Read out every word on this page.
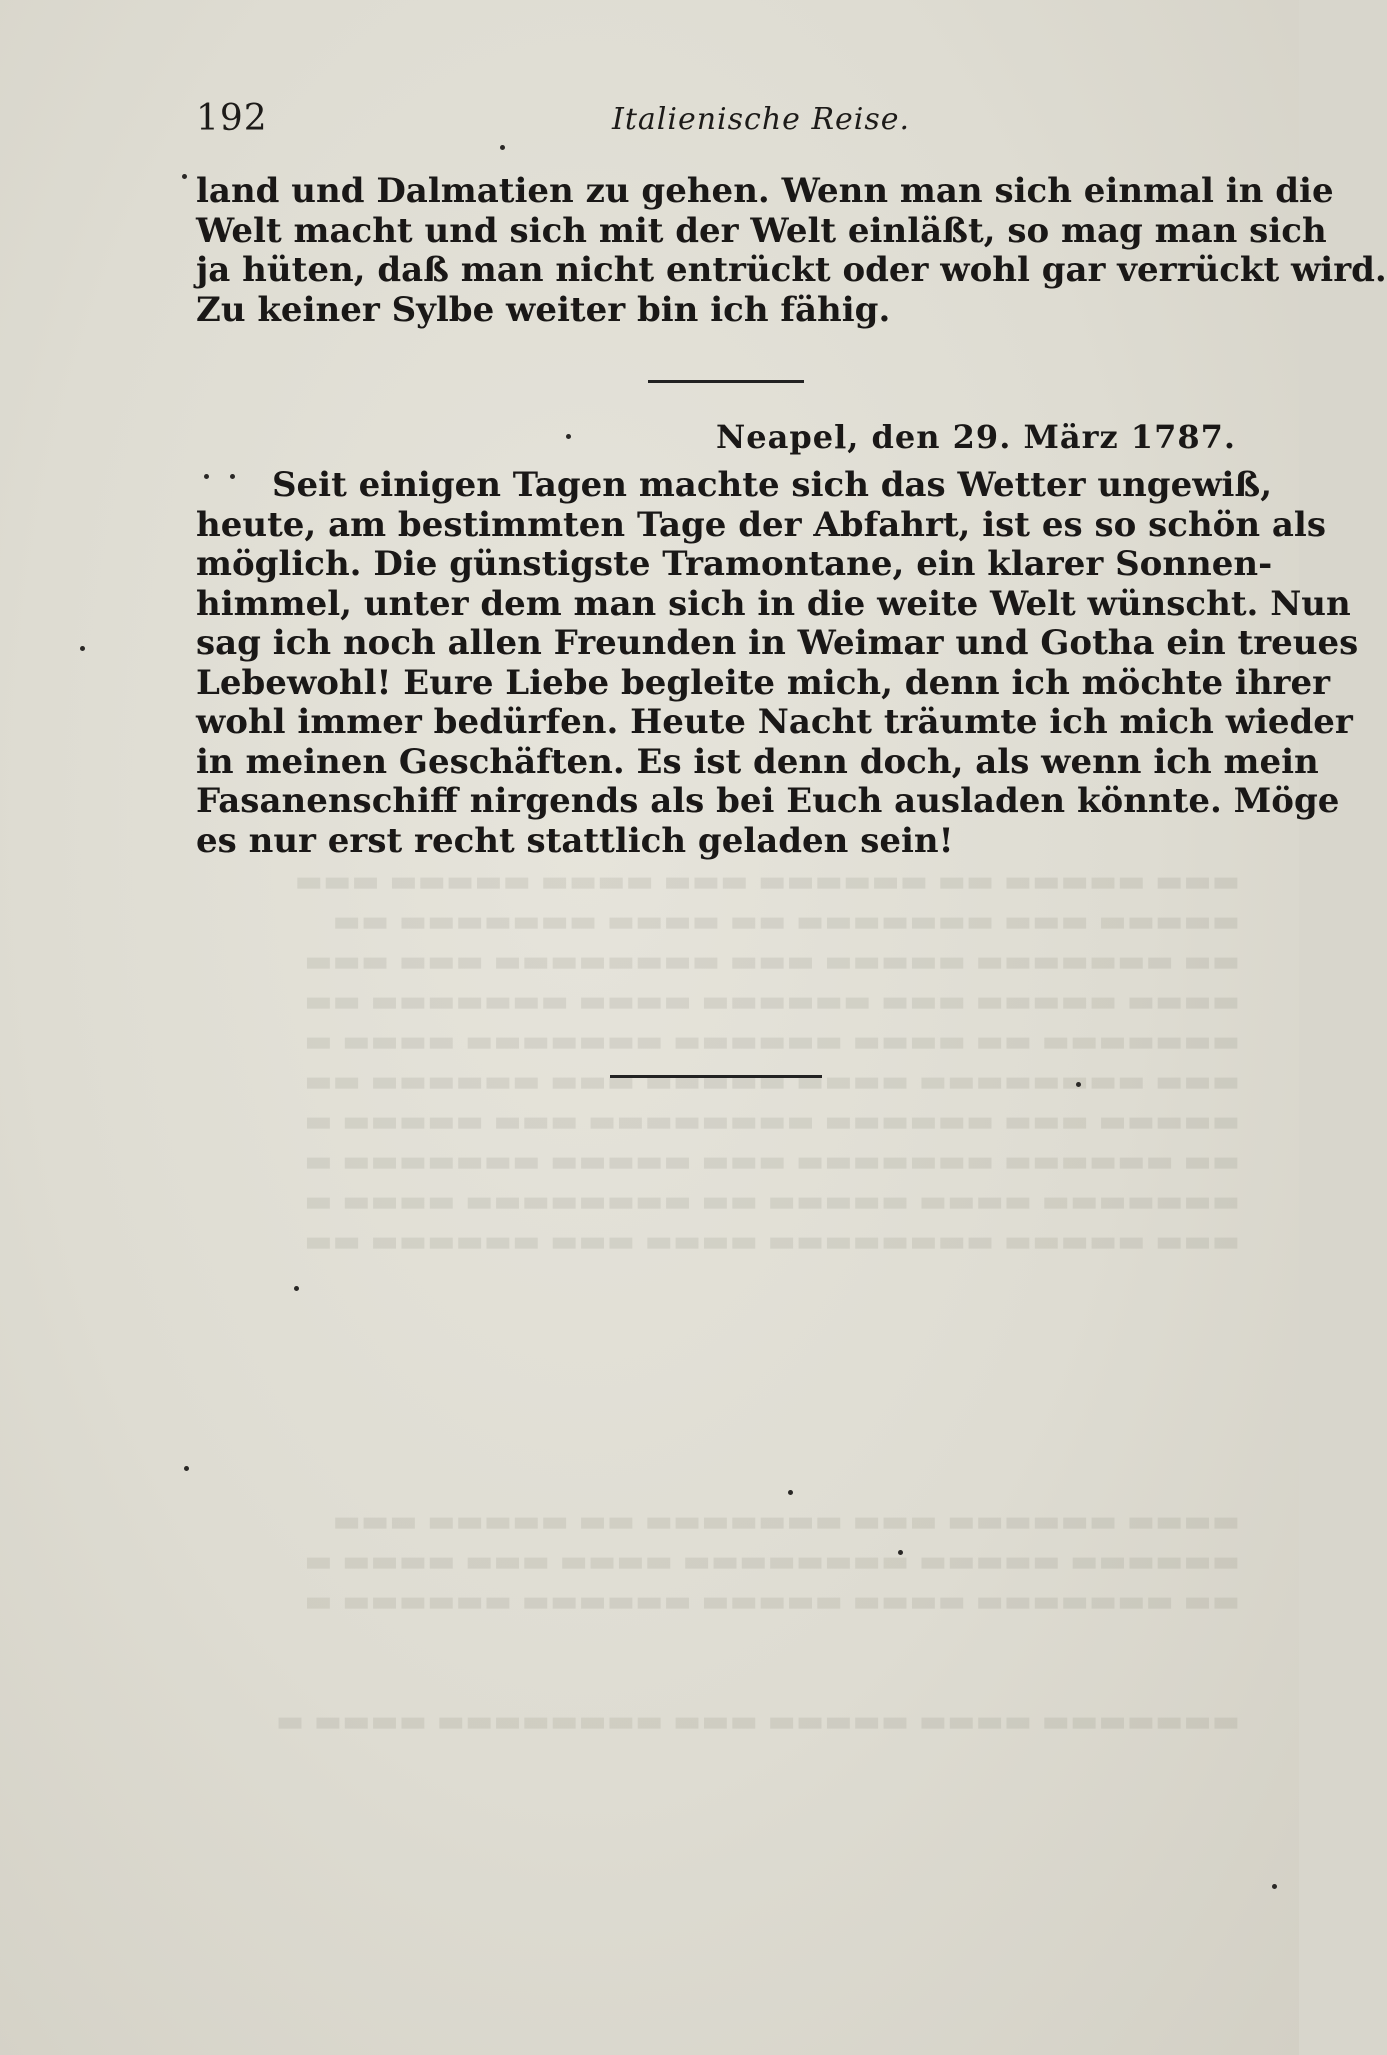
▬▬▬ ▬▬▬▬▬ ▬▬ ▬▬▬▬▬▬ ▬▬▬ ▬▬▬▬ ▬▬▬▬▬ ▬▬▬
▬▬▬▬▬ ▬▬▬ ▬▬▬▬▬▬▬ ▬▬ ▬▬▬▬ ▬▬▬▬▬▬▬ ▬▬
▬▬ ▬▬▬▬▬▬▬ ▬▬▬▬▬ ▬▬▬ ▬▬▬▬▬▬▬▬ ▬▬▬ ▬▬▬
▬▬▬▬ ▬▬▬▬▬ ▬▬▬ ▬▬▬▬▬▬ ▬▬▬▬ ▬▬▬▬▬▬▬ ▬▬
▬▬▬▬▬▬▬ ▬▬ ▬▬▬▬ ▬▬▬▬▬▬ ▬▬▬▬▬▬▬ ▬▬▬▬ ▬
▬▬▬ ▬▬▬▬▬▬▬▬ ▬▬▬▬ ▬▬▬▬▬ ▬▬▬ ▬▬▬▬▬▬ ▬▬
▬▬▬▬▬ ▬▬▬ ▬▬▬▬▬▬ ▬▬▬▬▬▬▬▬ ▬▬▬ ▬▬▬▬▬ ▬
▬▬ ▬▬▬▬▬▬ ▬▬▬▬▬▬▬ ▬▬▬ ▬▬▬▬▬ ▬▬▬▬▬▬▬ ▬
▬▬▬▬▬▬▬ ▬▬▬▬ ▬▬▬▬▬ ▬▬ ▬▬▬▬▬▬▬▬ ▬▬▬▬ ▬
▬▬▬ ▬▬▬▬▬ ▬▬▬▬▬▬▬▬ ▬▬▬▬ ▬▬▬ ▬▬▬▬▬▬ ▬▬

▬▬▬▬ ▬▬▬▬▬▬ ▬▬▬ ▬▬▬▬▬▬▬ ▬▬ ▬▬▬▬▬ ▬▬▬
▬▬▬▬▬▬ ▬▬▬▬▬ ▬▬▬▬▬▬▬▬ ▬▬▬▬ ▬▬▬ ▬▬▬▬ ▬
▬▬ ▬▬▬▬▬▬▬ ▬▬▬▬ ▬▬▬▬▬ ▬▬▬▬▬▬ ▬▬▬▬▬▬ ▬

▬▬▬▬▬▬▬ ▬▬▬▬ ▬▬▬▬▬ ▬▬▬ ▬▬▬▬▬▬▬▬ ▬▬▬▬ ▬
192	Italienische Reise.
land und Dalmatien zu gehen. Wenn man sich einmal in die
Welt macht und sich mit der Welt einläßt, so mag man sich
ja hüten, daß man nicht entrückt oder wohl gar verrückt wird.
Zu keiner Sylbe weiter bin ich fähig.
Neapel, den 29. März 1787.
Seit einigen Tagen machte sich das Wetter ungewiß,
heute, am bestimmten Tage der Abfahrt, ist es so schön als
möglich. Die günstigste Tramontane, ein klarer Sonnen-
himmel, unter dem man sich in die weite Welt wünscht. Nun
sag ich noch allen Freunden in Weimar und Gotha ein treues
Lebewohl! Eure Liebe begleite mich, denn ich möchte ihrer
wohl immer bedürfen. Heute Nacht träumte ich mich wieder
in meinen Geschäften. Es ist denn doch, als wenn ich mein
Fasanenschiff nirgends als bei Euch ausladen könnte. Möge
es nur erst recht stattlich geladen sein!
